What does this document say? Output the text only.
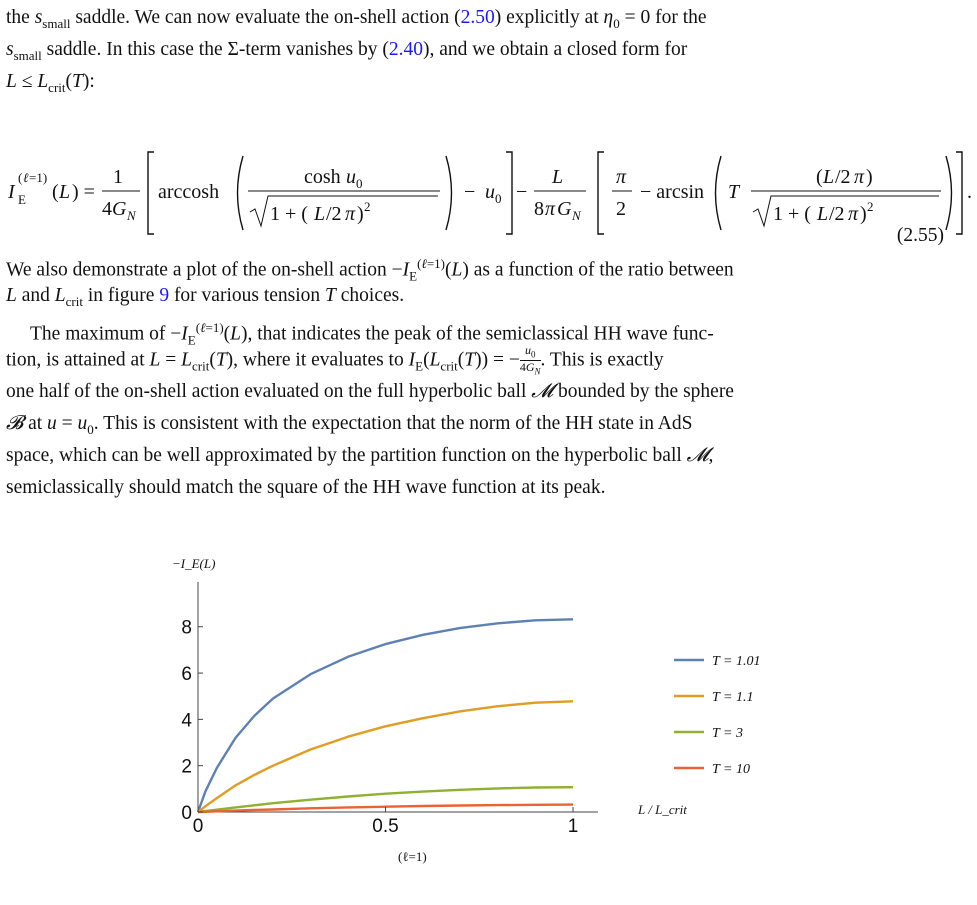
the $s_{small}$ saddle. We can now evaluate the on-shell action (2.50) explicitly at $\eta_0 = 0$ for the
$s_{small}$ saddle. In this case the Σ-term vanishes by (2.40), and we obtain a closed form for
$L \le L_{crit}(T)$:
I E
( ℓ =1)
( L ) =
1
4 G N
arccosh
cosh u 0
1 + ( L /2 π ) 2
− u 0 −
L
8 π G N
π
2
− arcsin T
( L /2 π )
1 + ( L /2 π ) 2
.
(2.55)
We also demonstrate a plot of the on-shell action $-I_E^{(\ell=1)}(L)$ as a function of the ratio between
L and $L_{crit}$ in figure 9 for various tension T choices.
The maximum of $-I_E^{(\ell=1)}(L)$, that indicates the peak of the semiclassical HH wave func-
tion, is attained at $L = L_{crit}(T)$, where it evaluates to $I_E(L_{crit}(T))$ = − $u_0$

$4G_N$
. This is exactly
one half of the on-shell action evaluated on the full hyperbolic ball 𝓜 bounded by the sphere
𝓑 at $u = u_0$. This is consistent with the expectation that the norm of the HH state in AdS
space, which can be well approximated by the partition function on the hyperbolic ball 𝓜,
semiclassically should match the square of the HH wave function at its peak.
0
2
4
6
8
0	0.5	1
T = 1.01
T = 1.1
T = 3
T = 10
−I_E(L)
L / L_crit
(ℓ=1)
